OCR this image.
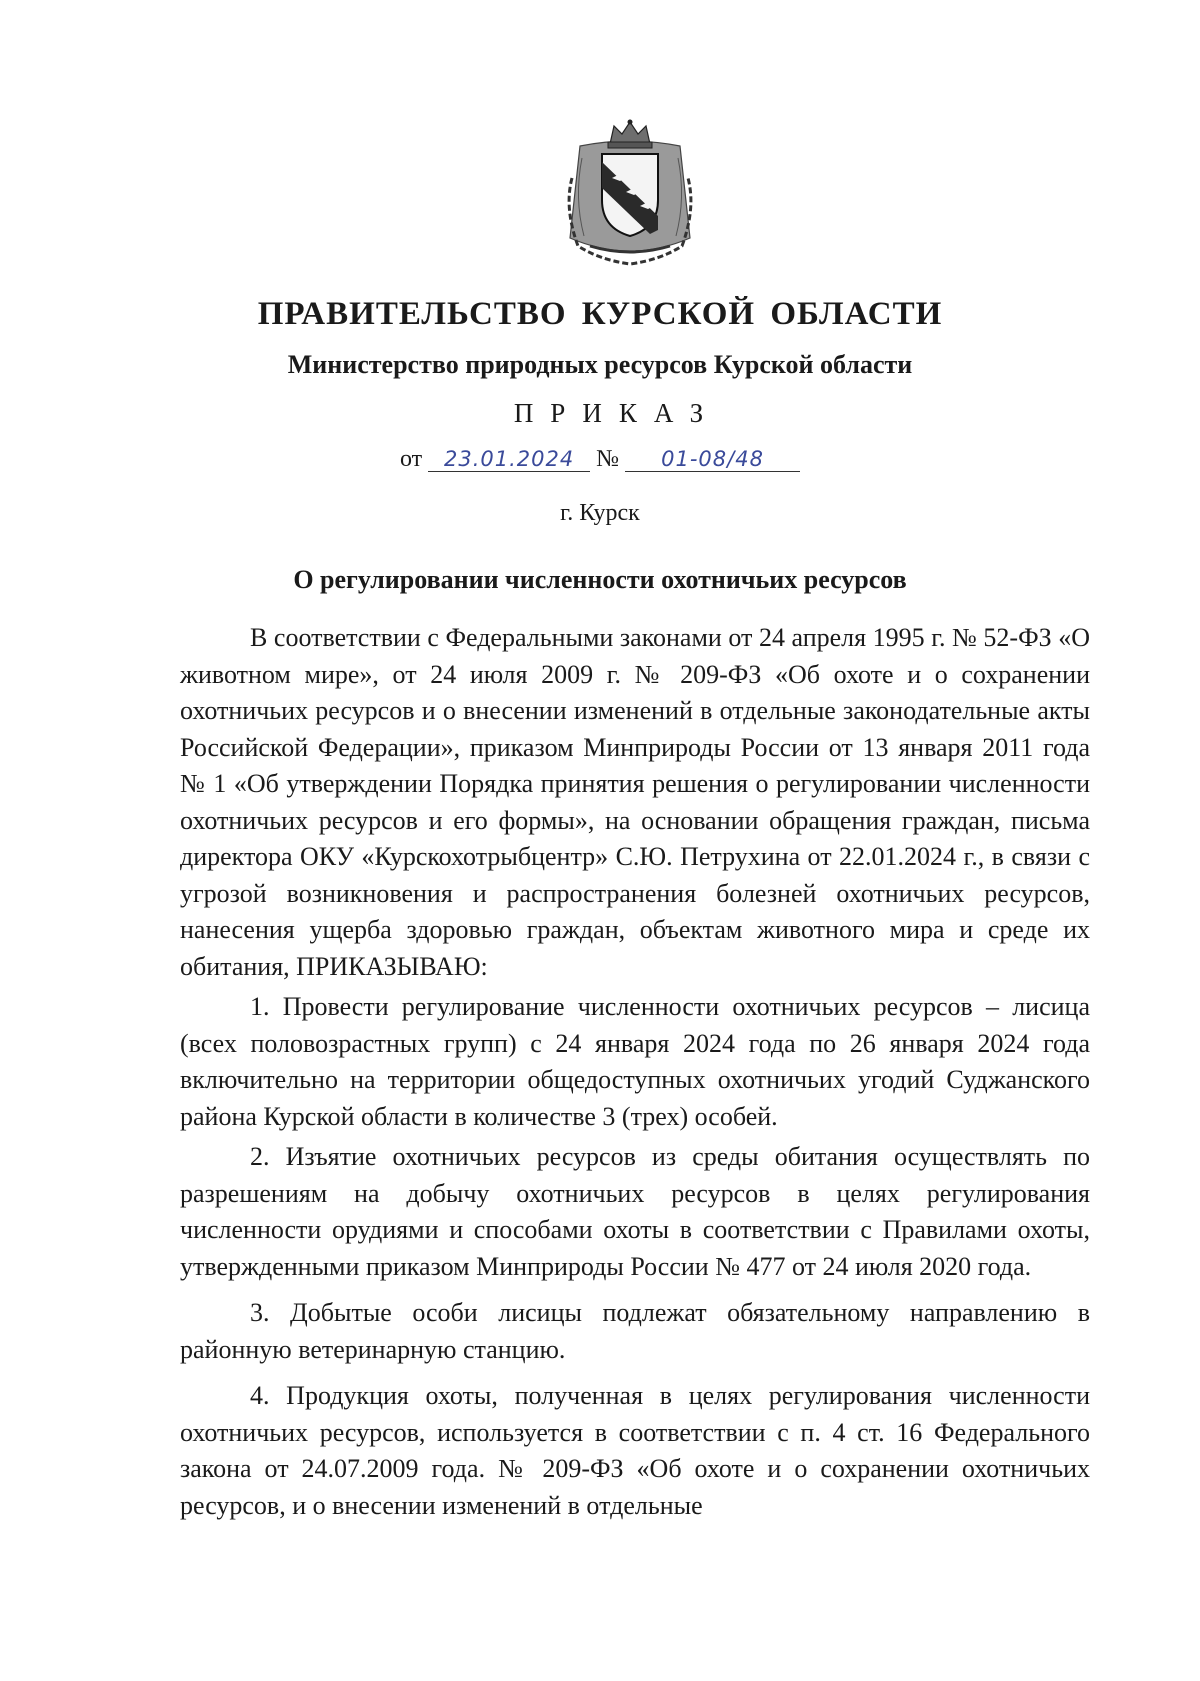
ПРАВИТЕЛЬСТВО КУРСКОЙ ОБЛАСТИ
Министерство природных ресурсов Курской области
ПРИКАЗ
от 23.01.2024 № 01-08/48
г. Курск
О регулировании численности охотничьих ресурсов

В соответствии с Федеральными законами от 24 апреля 1995 г. № 52-ФЗ «О животном мире», от 24 июля 2009 г. № 209-ФЗ «Об охоте и о сохранении охотничьих ресурсов и о внесении изменений в отдельные законодательные акты Российской Федерации», приказом Минприроды России от 13 января 2011 года № 1 «Об утверждении Порядка принятия решения о регулировании численности охотничьих ресурсов и его формы», на основании обращения граждан, письма директора ОКУ «Курскохотрыбцентр» С.Ю. Петрухина от 22.01.2024 г., в связи с угрозой возникновения и распространения болезней охотничьих ресурсов, нанесения ущерба здоровью граждан, объектам животного мира и среде их обитания, ПРИКАЗЫВАЮ:

1. Провести регулирование численности охотничьих ресурсов – лисица (всех половозрастных групп) с 24 января 2024 года по 26 января 2024 года включительно на территории общедоступных охотничьих угодий Суджанского района Курской области в количестве 3 (трех) особей.

2. Изъятие охотничьих ресурсов из среды обитания осуществлять по разрешениям на добычу охотничьих ресурсов в целях регулирования численности орудиями и способами охоты в соответствии с Правилами охоты, утвержденными приказом Минприроды России № 477 от 24 июля 2020 года.

3. Добытые особи лисицы подлежат обязательному направлению в районную ветеринарную станцию.

4. Продукция охоты, полученная в целях регулирования численности охотничьих ресурсов, используется в соответствии с п. 4 ст. 16 Федерального закона от 24.07.2009 года. № 209-ФЗ «Об охоте и о сохранении охотничьих ресурсов, и о внесении изменений в отдельные
